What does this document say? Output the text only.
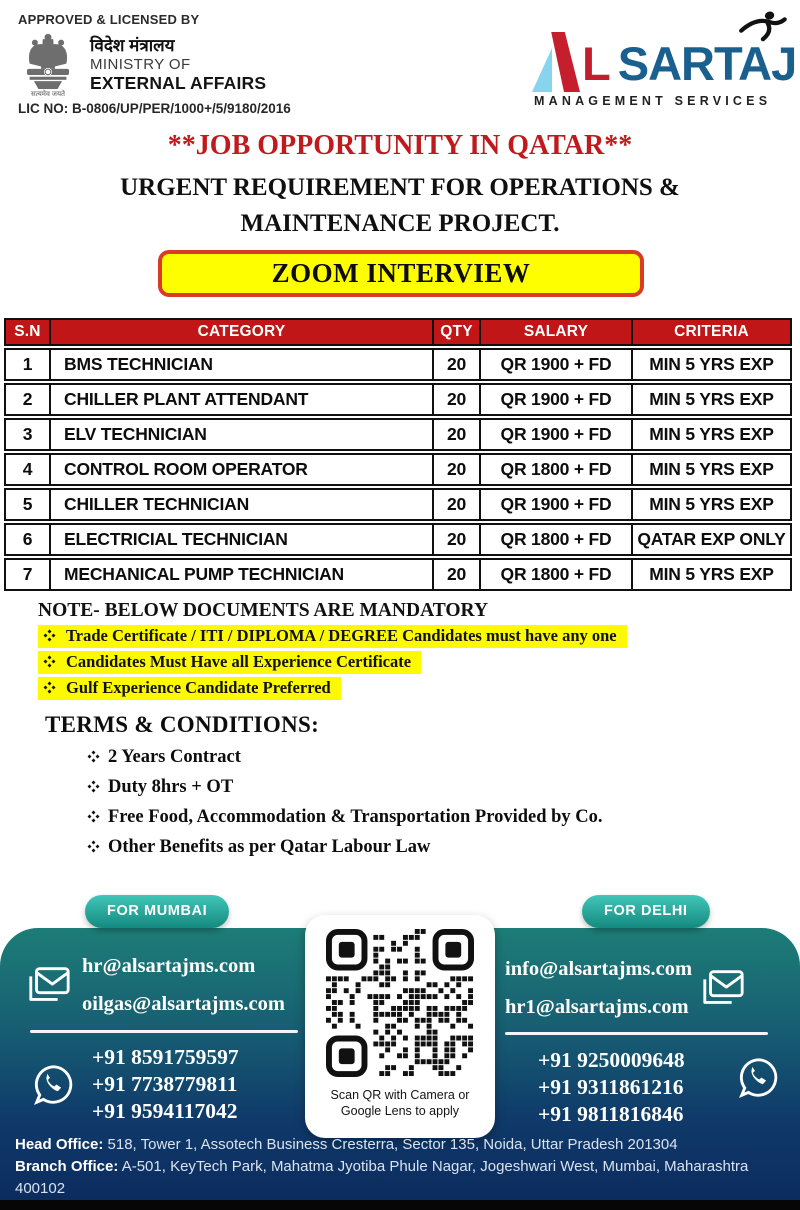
APPROVED & LICENSED BY
सत्यमेव जयते
विदेश मंत्रालय
MINISTRY OF
EXTERNAL AFFAIRS
LIC NO: B-0806/UP/PER/1000+/5/9180/2016
L SARTAJ
MANAGEMENT SERVICES
**JOB OPPORTUNITY IN QATAR**
URGENT REQUIREMENT FOR OPERATIONS &
MAINTENANCE PROJECT.
ZOOM INTERVIEW
S.N	CATEGORY	QTY	SALARY	CRITERIA
1	BMS TECHNICIAN	20	QR 1900 + FD	MIN 5 YRS EXP
2	CHILLER PLANT ATTENDANT	20	QR 1900 + FD	MIN 5 YRS EXP
3	ELV TECHNICIAN	20	QR 1900 + FD	MIN 5 YRS EXP
4	CONTROL ROOM OPERATOR	20	QR 1800 + FD	MIN 5 YRS EXP
5	CHILLER TECHNICIAN	20	QR 1900 + FD	MIN 5 YRS EXP
6	ELECTRICIAL TECHNICIAN	20	QR 1800 + FD	QATAR EXP ONLY
7	MECHANICAL PUMP TECHNICIAN	20	QR 1800 + FD	MIN 5 YRS EXP
NOTE- BELOW DOCUMENTS ARE MANDATORY
Trade Certificate / ITI / DIPLOMA / DEGREE Candidates must have any one
Candidates Must Have all Experience Certificate
Gulf Experience Candidate Preferred
TERMS & CONDITIONS:
2 Years Contract
Duty 8hrs + OT
Free Food, Accommodation & Transportation Provided by Co.
Other Benefits as per Qatar Labour Law
FOR MUMBAI	FOR DELHI
hr@alsartajms.com
oilgas@alsartajms.com
info@alsartajms.com
hr1@alsartajms.com
+91 8591759597
+91 7738779811
+91 9594117042
+91 9250009648
+91 9311861216
+91 9811816846
Scan QR with Camera or
Google Lens to apply
Head Office: 518, Tower 1, Assotech Business Cresterra, Sector 135, Noida, Uttar Pradesh 201304
Branch Office: A-501, KeyTech Park, Mahatma Jyotiba Phule Nagar, Jogeshwari West, Mumbai, Maharashtra 400102
